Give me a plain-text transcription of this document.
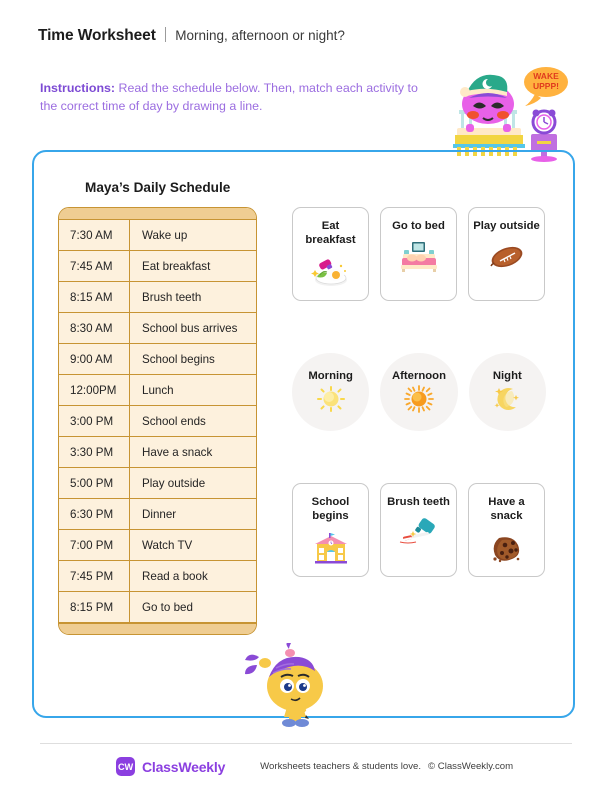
Time Worksheet Morning, afternoon or night?
Instructions: Read the schedule below. Then, match each activity to the correct time of day by drawing a line.
WAKE
UPPP!
Maya’s Daily Schedule
7:30 AM	Wake up
7:45 AM	Eat breakfast
8:15 AM	Brush teeth
8:30 AM	School bus arrives
9:00 AM	School begins
12:00PM	Lunch
3:00 PM	School ends
3:30 PM	Have a snack
5:00 PM	Play outside
6:30 PM	Dinner
7:00 PM	Watch TV
7:45 PM	Read a book
8:15 PM	Go to bed
Eat breakfast
Go to bed	Play outside
Morning	Afternoon	Night
School begins
Brush teeth	Have a snack
CW ClassWeekly	Worksheets teachers & students love. © ClassWeekly.com
